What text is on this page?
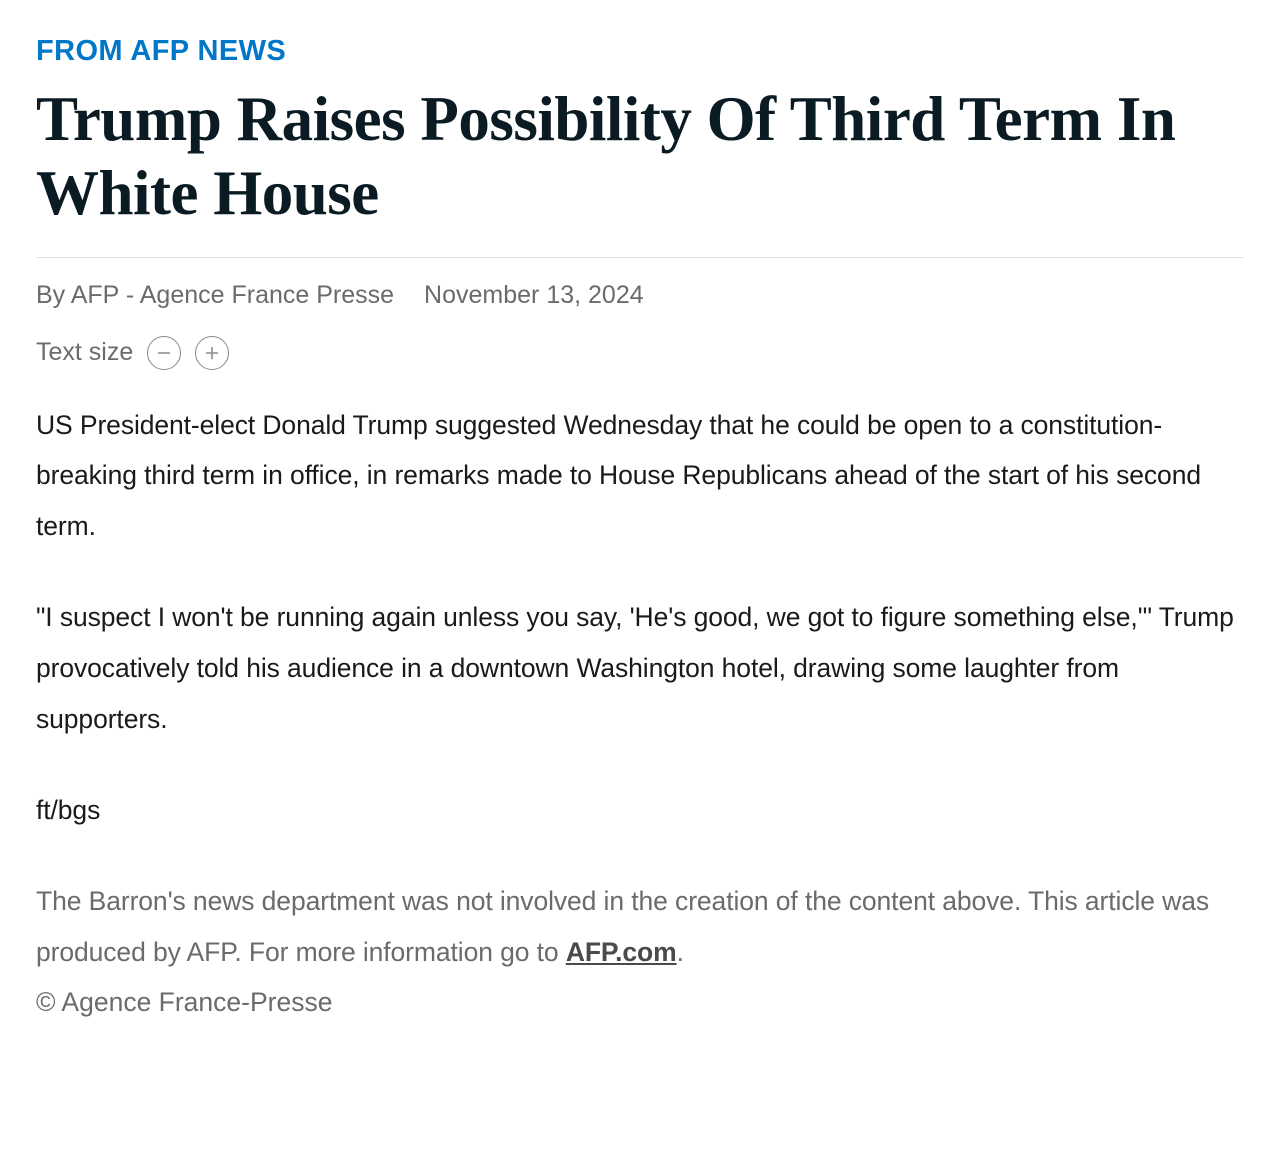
FROM AFP NEWS
Trump Raises Possibility Of Third Term In White House
By AFP - Agence France Presse November 13, 2024
Text size

US President-elect Donald Trump suggested Wednesday that he could be open to a constitution-breaking third term in office, in remarks made to House Republicans ahead of the start of his second term.

"I suspect I won't be running again unless you say, 'He's good, we got to figure something else,'" Trump provocatively told his audience in a downtown Washington hotel, drawing some laughter from supporters.

ft/bgs

The Barron's news department was not involved in the creation of the content above. This article was produced by AFP. For more information go to AFP.com.

© Agence France-Presse
